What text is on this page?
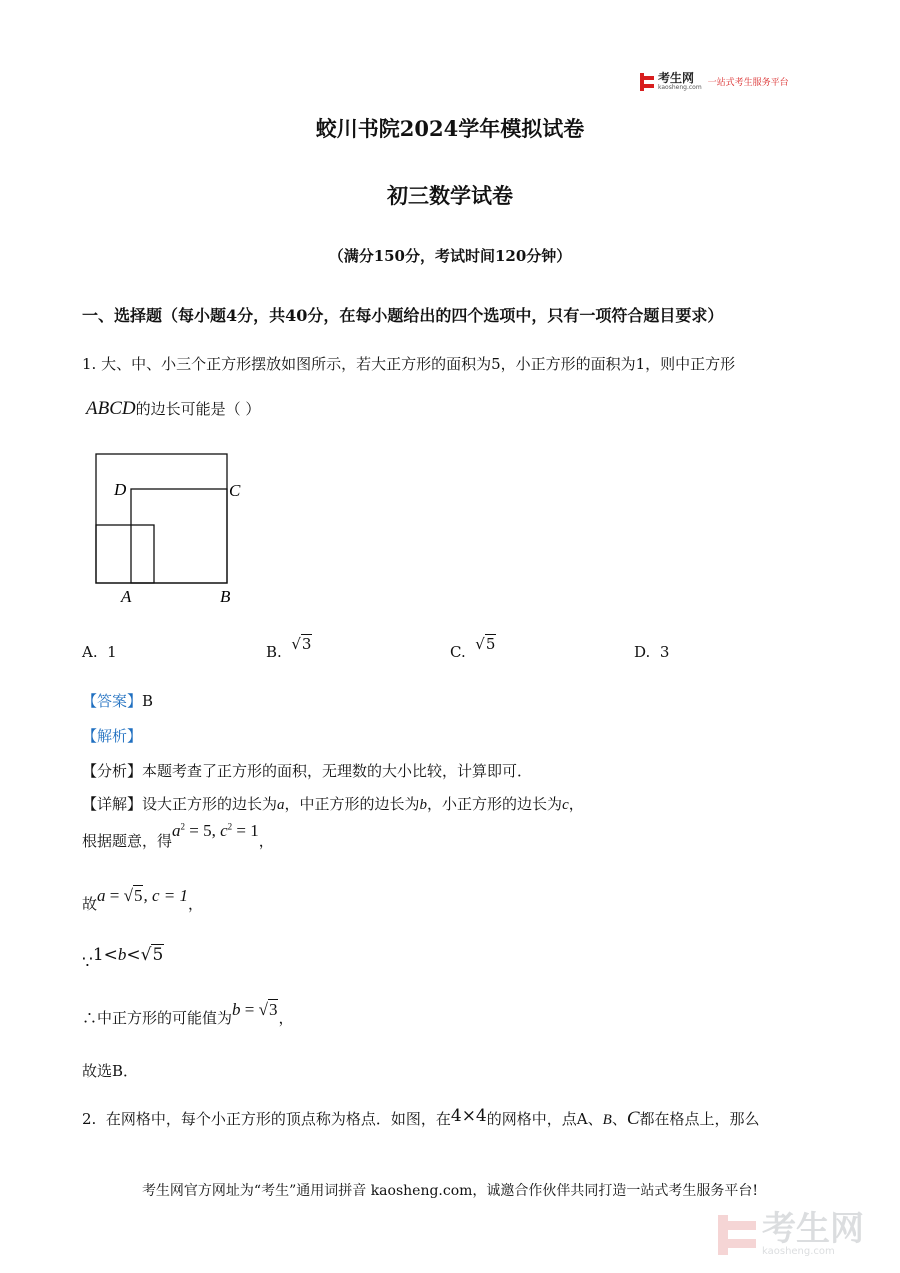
考生网
kaosheng.com 一站式考生服务平台
蛟川书院2024学年模拟试卷
初三数学试卷
（满分150分，考试时间120分钟）
一、选择题（每小题4分，共40分，在每小题给出的四个选项中，只有一项符合题目要求）
1. 大、中、小三个正方形摆放如图所示，若大正方形的面积为5，小正方形的面积为1，则中正方形
ABCD的边长可能是（ ）
D	C
A	B
A. 1	B. √3	C. √5	D. 3
【答案】B
【解析】
【分析】本题考查了正方形的面积，无理数的大小比较，计算即可．
【详解】设大正方形的边长为a，中正方形的边长为b，小正方形的边长为c，
根据题意，得$a^2 = 5$, $c^2 = 1$，
故a = √5, c = 1，
∵1<b<√5
∴中正方形的可能值为b = √3，
故选B．
2. 在网格中，每个小正方形的顶点称为格点．如图，在4×4的网格中，点A、B、C都在格点上，那么
考生网官方网址为“考生”通用词拼音 kaosheng.com，诚邀合作伙伴共同打造一站式考生服务平台!
考生网
kaosheng.com
